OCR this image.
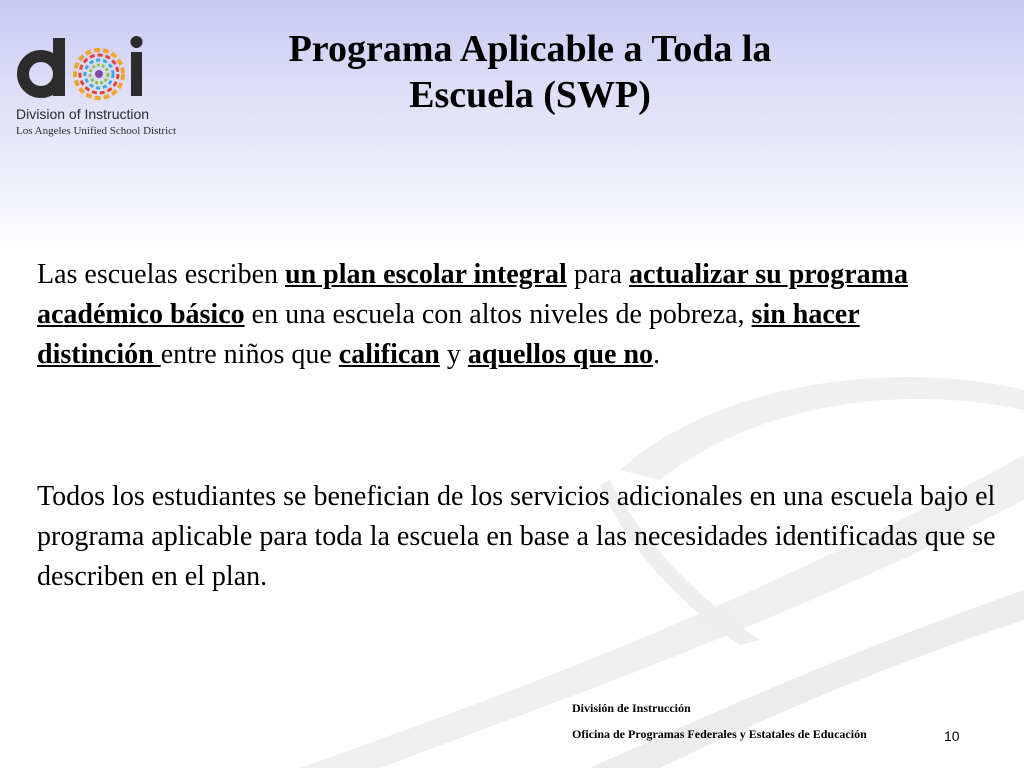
Division of Instruction
Los Angeles Unified School District
Programa Aplicable a Toda la
Escuela (SWP)

Las escuelas escriben un plan escolar integral para actualizar su programa académico básico en una escuela con altos niveles de pobreza, sin hacer distinción entre niños que califican y aquellos que no.

Todos los estudiantes se benefician de los servicios adicionales en una escuela bajo el programa aplicable para toda la escuela en base a las necesidades identificadas que se describen en el plan.

División de Instrucción
Oficina de Programas Federales y Estatales de Educación	10
